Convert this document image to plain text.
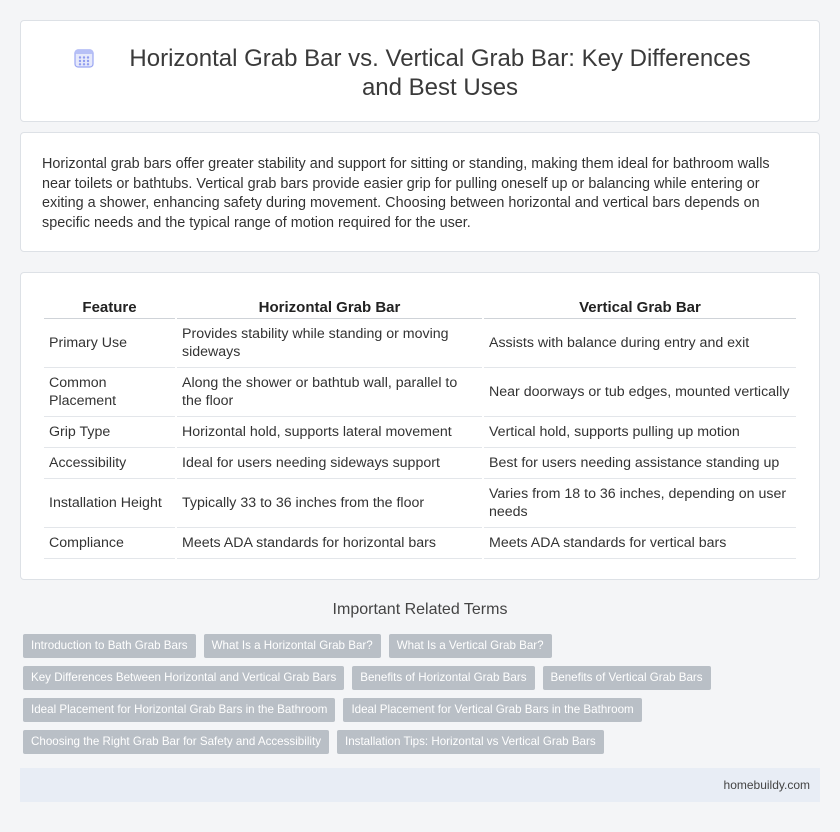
Horizontal Grab Bar vs. Vertical Grab Bar: Key Differences and Best Uses

Horizontal grab bars offer greater stability and support for sitting or standing, making them ideal for bathroom walls near toilets or bathtubs. Vertical grab bars provide easier grip for pulling oneself up or balancing while entering or exiting a shower, enhancing safety during movement. Choosing between horizontal and vertical bars depends on specific needs and the typical range of motion required for the user.

Feature	Horizontal Grab Bar	Vertical Grab Bar
Primary Use	Provides stability while standing or moving sideways	Assists with balance during entry and exit
Common Placement	Along the shower or bathtub wall, parallel to the floor	Near doorways or tub edges, mounted vertically
Grip Type	Horizontal hold, supports lateral movement	Vertical hold, supports pulling up motion
Accessibility	Ideal for users needing sideways support	Best for users needing assistance standing up
Installation Height	Typically 33 to 36 inches from the floor	Varies from 18 to 36 inches, depending on user needs
Compliance	Meets ADA standards for horizontal bars	Meets ADA standards for vertical bars
Important Related Terms
Introduction to Bath Grab Bars	What Is a Horizontal Grab Bar?	What Is a Vertical Grab Bar?
Key Differences Between Horizontal and Vertical Grab Bars	Benefits of Horizontal Grab Bars	Benefits of Vertical Grab Bars
Ideal Placement for Horizontal Grab Bars in the Bathroom	Ideal Placement for Vertical Grab Bars in the Bathroom
Choosing the Right Grab Bar for Safety and Accessibility	Installation Tips: Horizontal vs Vertical Grab Bars
homebuildy.com
